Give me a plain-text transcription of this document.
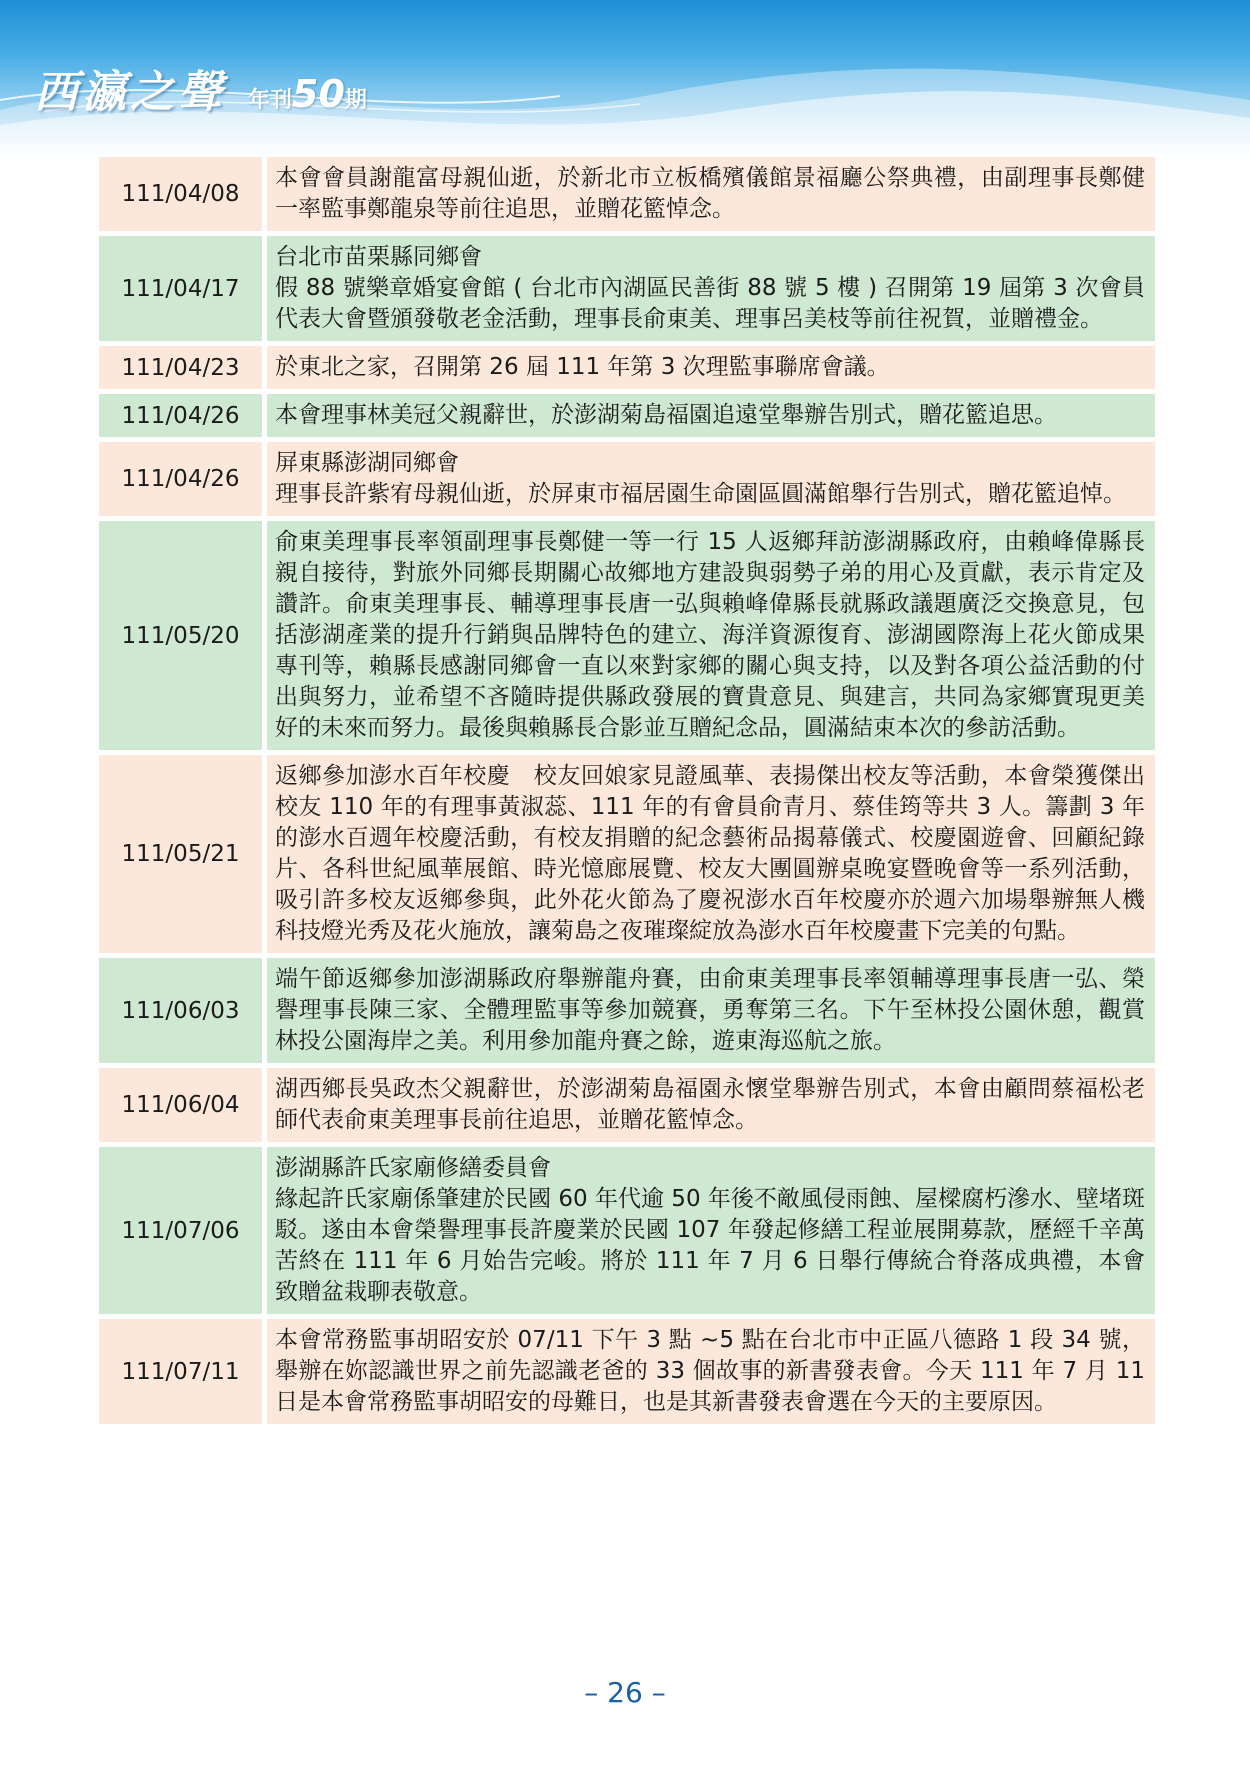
西瀛之聲 年刊50期
111/04/08
本會會員謝龍富母親仙逝，於新北市立板橋殯儀館景福廳公祭典禮，由副理事長鄭健一率監事鄭龍泉等前往追思，並贈花籃悼念。
111/04/17
台北市苗栗縣同鄉會
假 88 號樂章婚宴會館 ( 台北市內湖區民善街 88 號 5 樓 ) 召開第 19 屆第 3 次會員代表大會暨頒發敬老金活動，理事長俞東美、理事呂美枝等前往祝賀，並贈禮金。
111/04/23	於東北之家，召開第 26 屆 111 年第 3 次理監事聯席會議。
111/04/26	本會理事林美冠父親辭世，於澎湖菊島福園追遠堂舉辦告別式，贈花籃追思。
111/04/26
屏東縣澎湖同鄉會
理事長許紫宥母親仙逝，於屏東市福居園生命園區圓滿館舉行告別式，贈花籃追悼。
111/05/20
俞東美理事長率領副理事長鄭健一等一行 15 人返鄉拜訪澎湖縣政府，由賴峰偉縣長親自接待，對旅外同鄉長期關心故鄉地方建設與弱勢子弟的用心及貢獻，表示肯定及讚許。俞東美理事長、輔導理事長唐一弘與賴峰偉縣長就縣政議題廣泛交換意見，包括澎湖產業的提升行銷與品牌特色的建立、海洋資源復育、澎湖國際海上花火節成果專刊等，賴縣長感謝同鄉會一直以來對家鄉的關心與支持，以及對各項公益活動的付出與努力，並希望不吝隨時提供縣政發展的寶貴意見、與建言，共同為家鄉實現更美好的未來而努力。最後與賴縣長合影並互贈紀念品，圓滿結束本次的參訪活動。
111/05/21
返鄉參加澎水百年校慶　校友回娘家見證風華、表揚傑出校友等活動，本會榮獲傑出校友 110 年的有理事黃淑蕊、111 年的有會員俞青月、蔡佳筠等共 3 人。籌劃 3 年的澎水百週年校慶活動，有校友捐贈的紀念藝術品揭幕儀式、校慶園遊會、回顧紀錄片、各科世紀風華展館、時光憶廊展覽、校友大團圓辦桌晚宴暨晚會等一系列活動，吸引許多校友返鄉參與，此外花火節為了慶祝澎水百年校慶亦於週六加場舉辦無人機科技燈光秀及花火施放，讓菊島之夜璀璨綻放為澎水百年校慶畫下完美的句點。
111/06/03
端午節返鄉參加澎湖縣政府舉辦龍舟賽，由俞東美理事長率領輔導理事長唐一弘、榮譽理事長陳三家、全體理監事等參加競賽，勇奪第三名。下午至林投公園休憩，觀賞林投公園海岸之美。利用參加龍舟賽之餘，遊東海巡航之旅。
111/06/04
湖西鄉長吳政杰父親辭世，於澎湖菊島福園永懷堂舉辦告別式，本會由顧問蔡福松老師代表俞東美理事長前往追思，並贈花籃悼念。
111/07/06
澎湖縣許氏家廟修繕委員會
緣起許氏家廟係肇建於民國 60 年代逾 50 年後不敵風侵雨蝕、屋樑腐朽滲水、壁堵斑駁。遂由本會榮譽理事長許慶業於民國 107 年發起修繕工程並展開募款，歷經千辛萬苦終在 111 年 6 月始告完峻。將於 111 年 7 月 6 日舉行傳統合脊落成典禮，本會致贈盆栽聊表敬意。
111/07/11
本會常務監事胡昭安於 07/11 下午 3 點 ~5 點在台北市中正區八德路 1 段 34 號，舉辦在妳認識世界之前先認識老爸的 33 個故事的新書發表會。今天 111 年 7 月 11 日是本會常務監事胡昭安的母難日，也是其新書發表會選在今天的主要原因。
– 26 –
